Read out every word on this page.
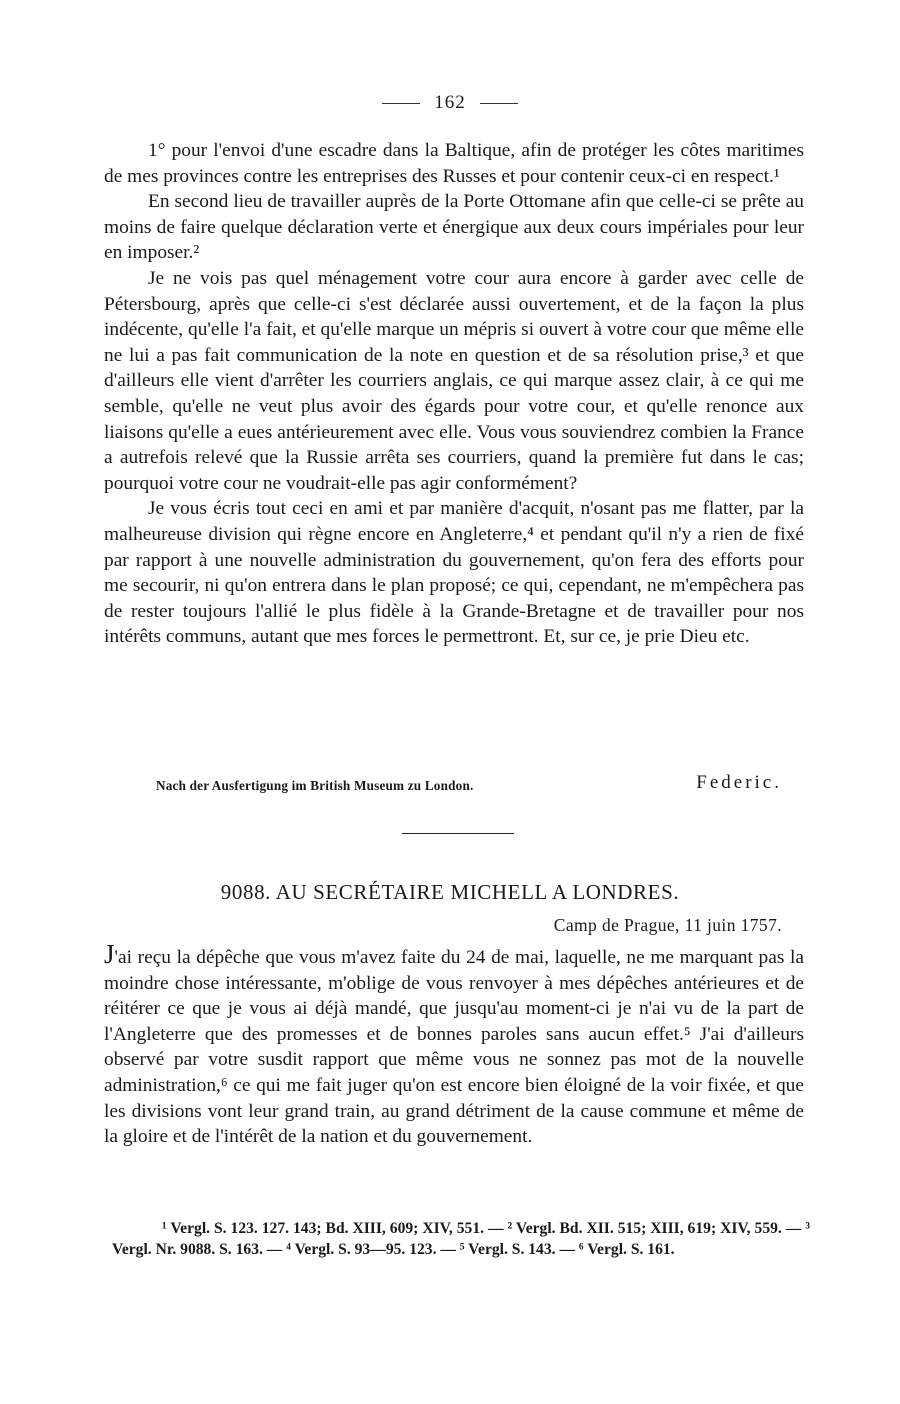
162

1° pour l'envoi d'une escadre dans la Baltique, afin de protéger les côtes maritimes de mes provinces contre les entreprises des Russes et pour contenir ceux-ci en respect.¹

En second lieu de travailler auprès de la Porte Ottomane afin que celle-ci se prête au moins de faire quelque déclaration verte et énergique aux deux cours impériales pour leur en imposer.²

Je ne vois pas quel ménagement votre cour aura encore à garder avec celle de Pétersbourg, après que celle-ci s'est déclarée aussi ouvertement, et de la façon la plus indécente, qu'elle l'a fait, et qu'elle marque un mépris si ouvert à votre cour que même elle ne lui a pas fait communication de la note en question et de sa résolution prise,³ et que d'ailleurs elle vient d'arrêter les courriers anglais, ce qui marque assez clair, à ce qui me semble, qu'elle ne veut plus avoir des égards pour votre cour, et qu'elle renonce aux liaisons qu'elle a eues antérieurement avec elle. Vous vous souviendrez combien la France a autrefois relevé que la Russie arrêta ses courriers, quand la première fut dans le cas; pourquoi votre cour ne voudrait-elle pas agir conformément?

Je vous écris tout ceci en ami et par manière d'acquit, n'osant pas me flatter, par la malheureuse division qui règne encore en Angleterre,⁴ et pendant qu'il n'y a rien de fixé par rapport à une nouvelle administration du gouvernement, qu'on fera des efforts pour me secourir, ni qu'on entrera dans le plan proposé; ce qui, cependant, ne m'empêchera pas de rester toujours l'allié le plus fidèle à la Grande-Bretagne et de travailler pour nos intérêts communs, autant que mes forces le permettront. Et, sur ce, je prie Dieu etc.

Nach der Ausfertigung im British Museum zu London.	Federic.
9088. AU SECRÉTAIRE MICHELL A LONDRES.
Camp de Prague, 11 juin 1757.

J'ai reçu la dépêche que vous m'avez faite du 24 de mai, laquelle, ne me marquant pas la moindre chose intéressante, m'oblige de vous renvoyer à mes dépêches antérieures et de réitérer ce que je vous ai déjà mandé, que jusqu'au moment-ci je n'ai vu de la part de l'Angleterre que des promesses et de bonnes paroles sans aucun effet.⁵ J'ai d'ailleurs observé par votre susdit rapport que même vous ne sonnez pas mot de la nouvelle administration,⁶ ce qui me fait juger qu'on est encore bien éloigné de la voir fixée, et que les divisions vont leur grand train, au grand détriment de la cause commune et même de la gloire et de l'intérêt de la nation et du gouvernement.

¹ Vergl. S. 123. 127. 143; Bd. XIII, 609; XIV, 551. — ² Vergl. Bd. XII. 515; XIII, 619; XIV, 559. — ³ Vergl. Nr. 9088. S. 163. — ⁴ Vergl. S. 93—95. 123. — ⁵ Vergl. S. 143. — ⁶ Vergl. S. 161.
